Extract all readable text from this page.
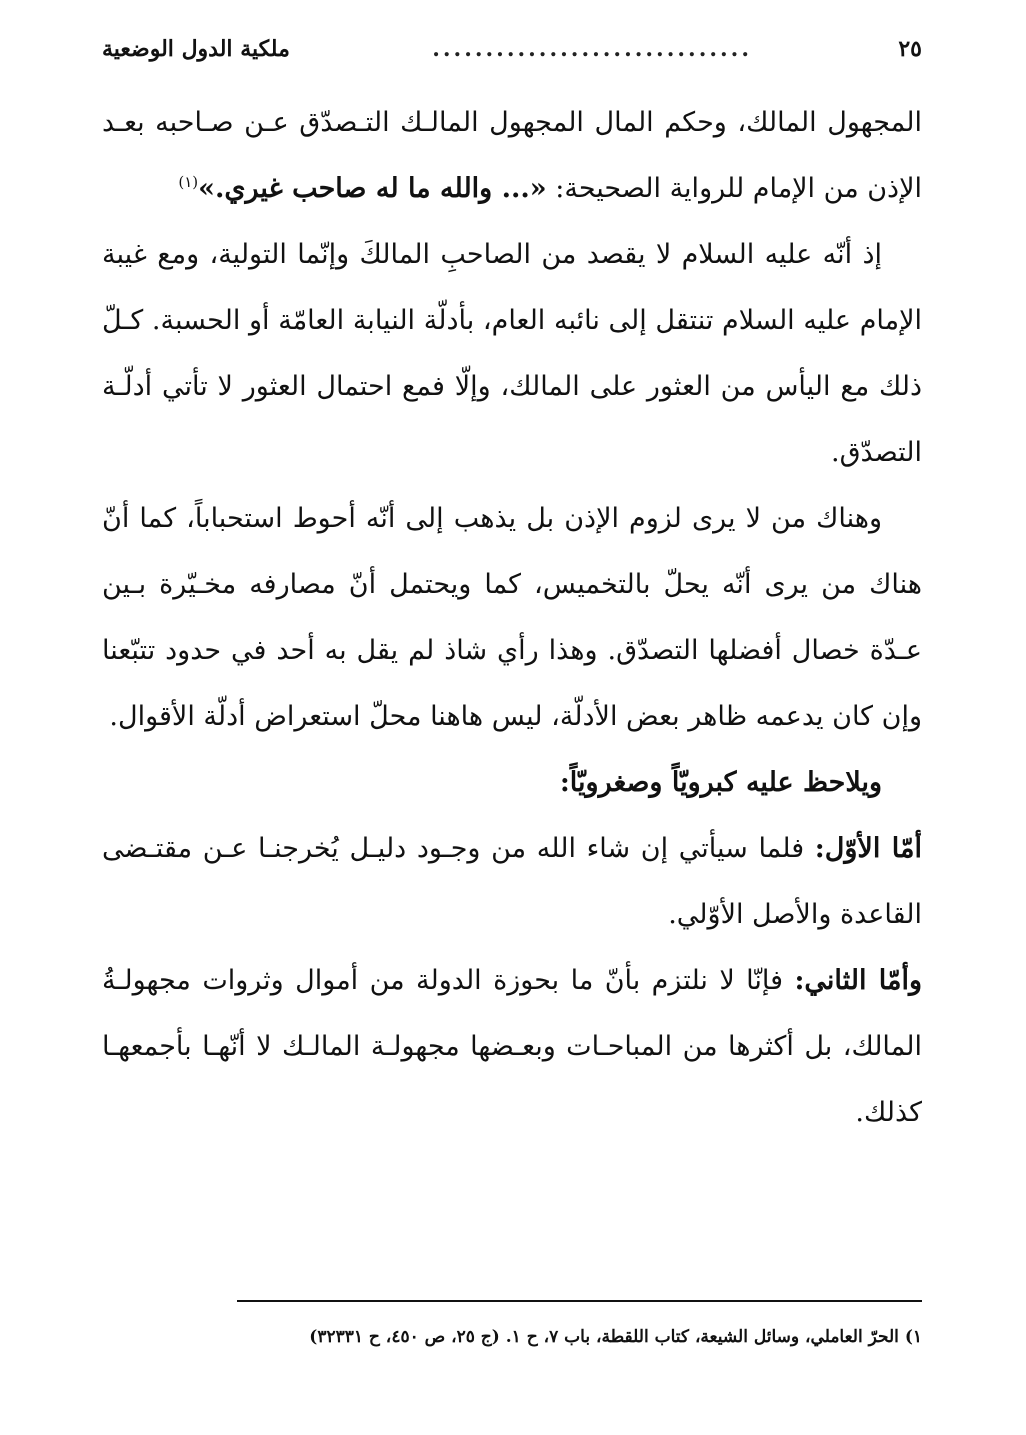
٢٥
..............................
ملكية الدول الوضعية

المجهول المالك، وحكم المال المجهول المالـك التـصدّق عـن صـاحبه بعـد الإذن من الإمام للرواية الصحيحة: «... والله ما له صاحب غيري.»$^{(١)}$

إذ أنّه عليه السلام لا يقصد من الصاحبِ المالكَ وإنّما التولية، ومع غيبة الإمام عليه السلام تنتقل إلى نائبه العام، بأدلّة النيابة العامّة أو الحسبة. كـلّ ذلك مع اليأس من العثور على المالك، وإلّا فمع احتمال العثور لا تأتي أدلّـة التصدّق.

وهناك من لا يرى لزوم الإذن بل يذهب إلى أنّه أحوط استحباباً، كما أنّ هناك من يرى أنّه يحلّ بالتخميس، كما ويحتمل أنّ مصارفه مخـيّرة بـين عـدّة خصال أفضلها التصدّق. وهذا رأي شاذ لم يقل به أحد في حدود تتبّعنا وإن كان يدعمه ظاهر بعض الأدلّة، ليس هاهنا محلّ استعراض أدلّة الأقوال.

ويلاحظ عليه كبرويّاً وصغرويّاً:

أمّا الأوّل: فلما سيأتي إن شاء الله من وجـود دليـل يُخرجنـا عـن مقتـضى القاعدة والأصل الأوّلي.

وأمّا الثاني: فإنّا لا نلتزم بأنّ ما بحوزة الدولة من أموال وثروات مجهولـةُ المالك، بل أكثرها من المباحـات وبعـضها مجهولـة المالـك لا أنّهـا بأجمعهـا كذلك.

١) الحرّ العاملي، وسائل الشيعة، كتاب اللقطة، باب ٧، ح ١. (ج ٢٥، ص ٤٥٠، ح ٣٢٣٣١)
